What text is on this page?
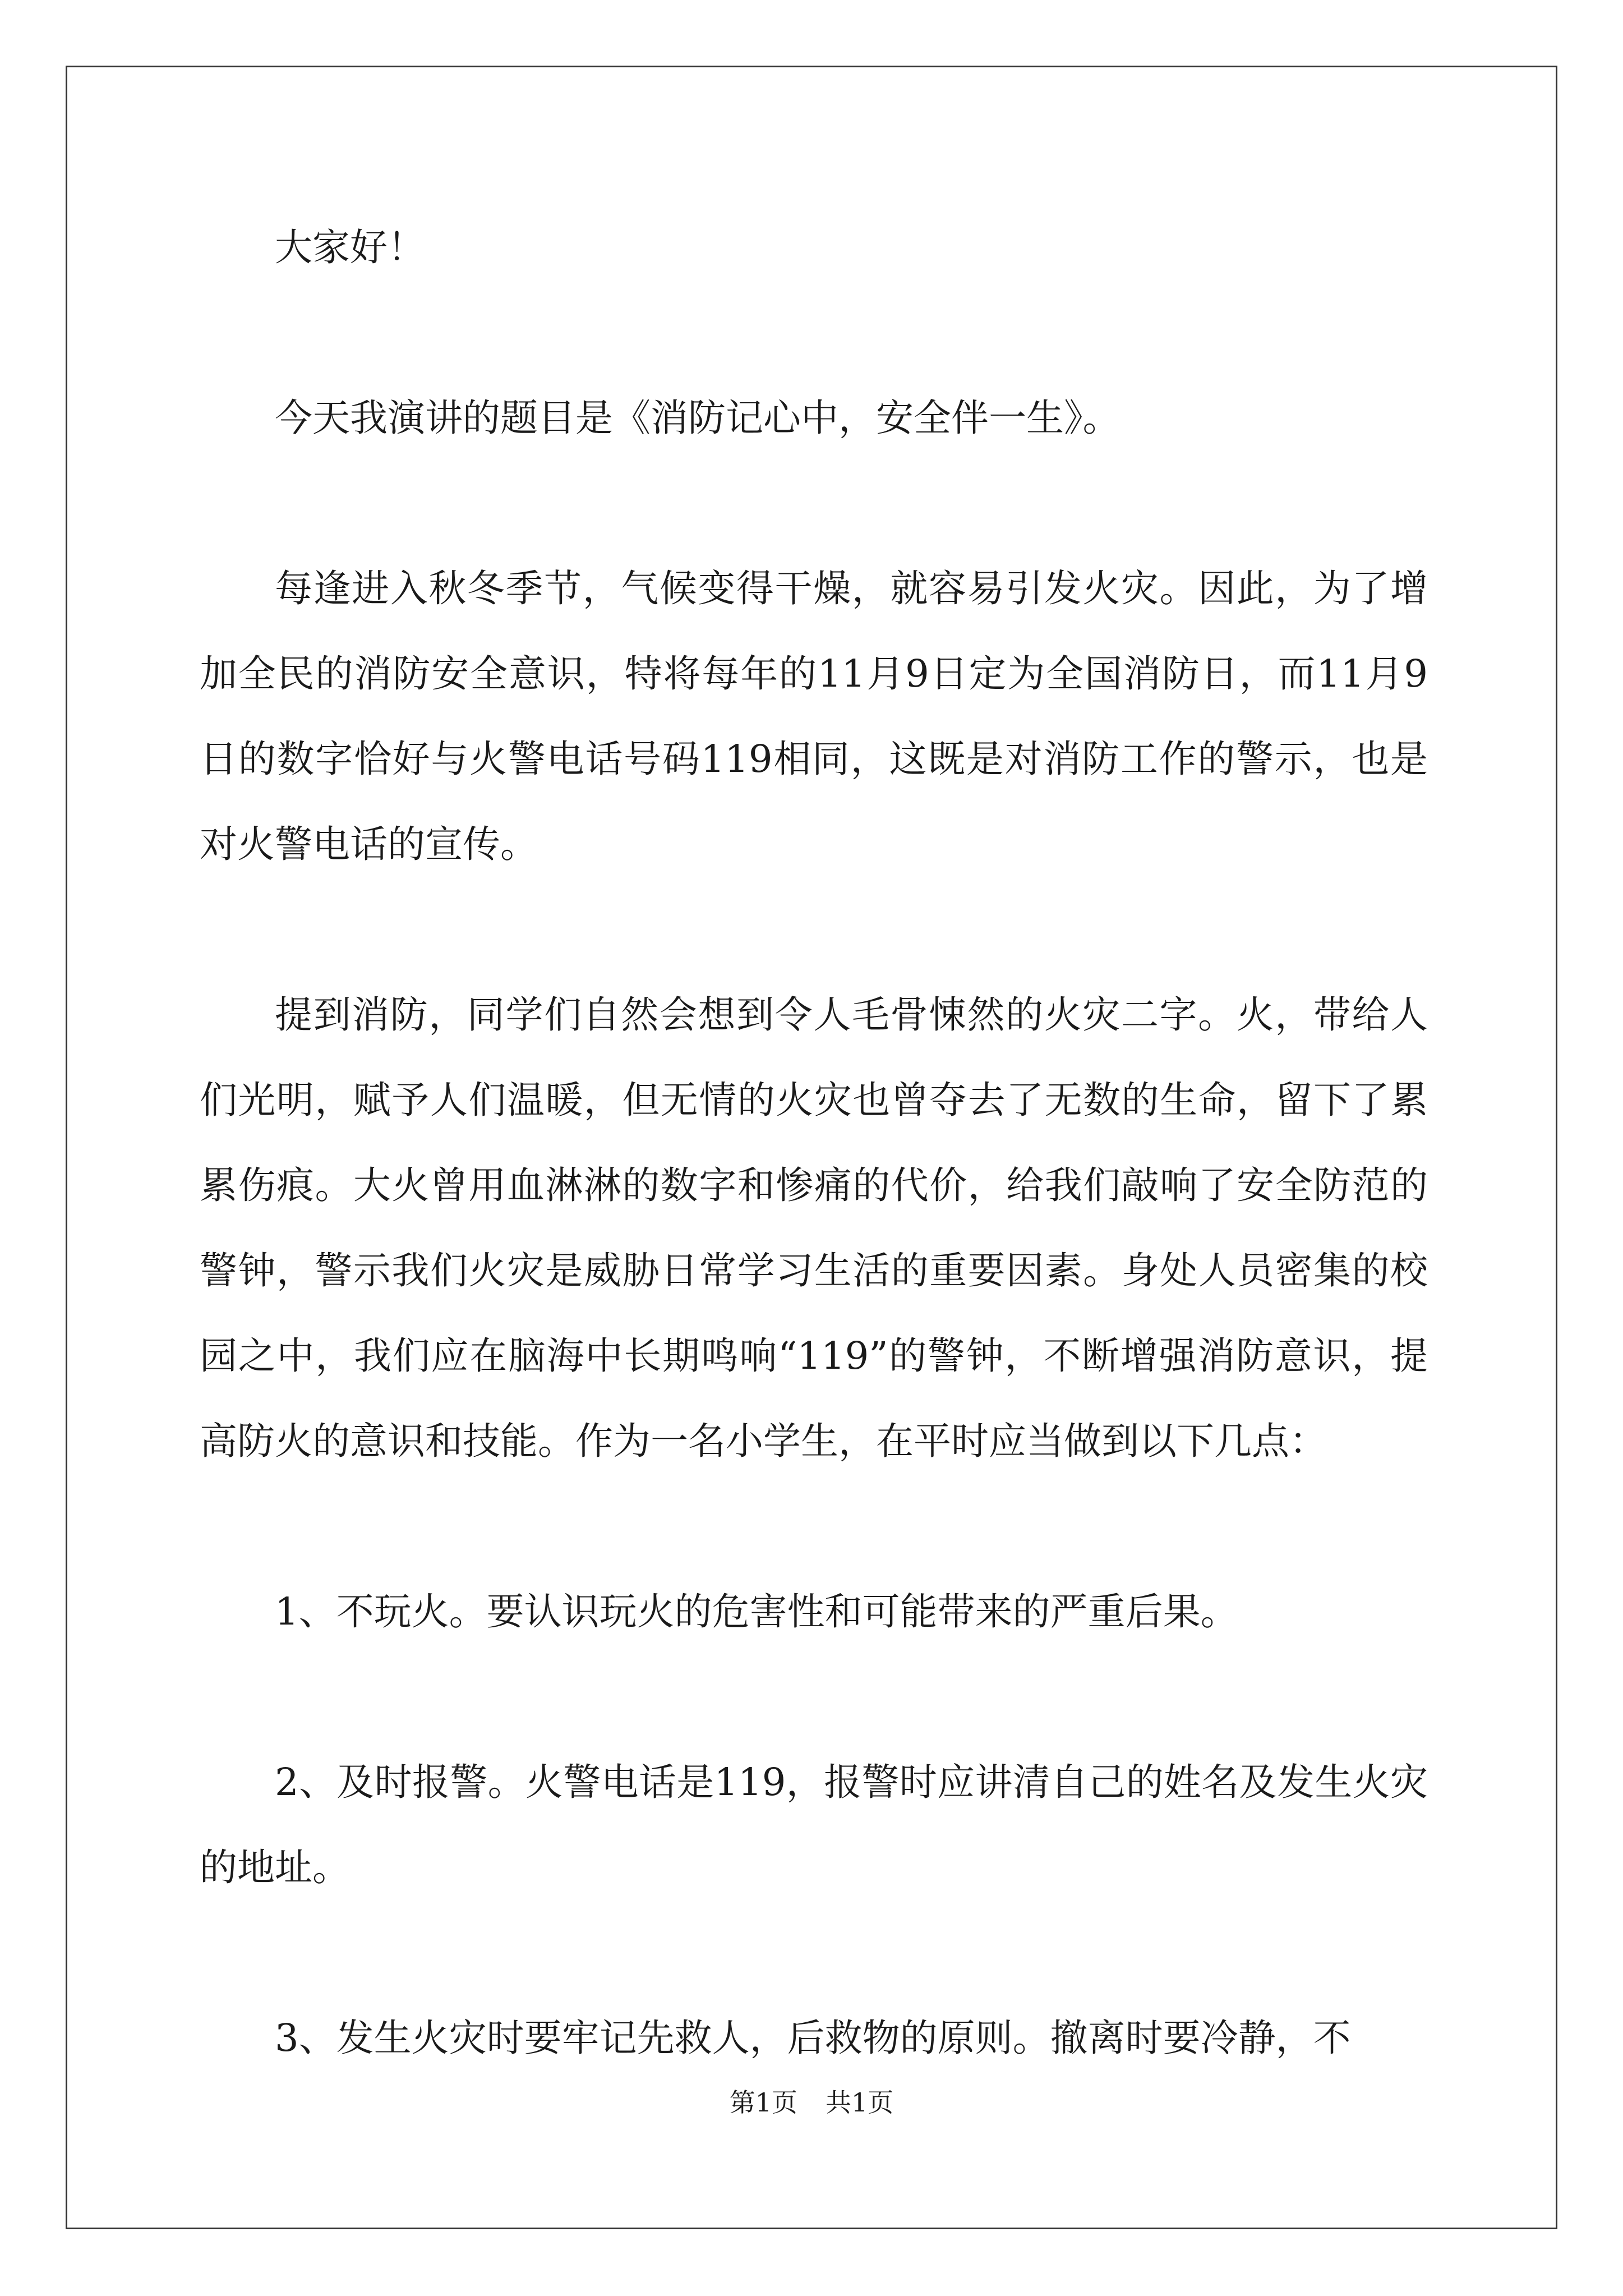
大家好！

今天我演讲的题目是《消防记心中，安全伴一生》。

每逢进入秋冬季节，气候变得干燥，就容易引发火灾。因此，为了增加全民的消防安全意识，特将每年的11月9日定为全国消防日，而11月9日的数字恰好与火警电话号码119相同，这既是对消防工作的警示，也是对火警电话的宣传。

提到消防，同学们自然会想到令人毛骨悚然的火灾二字。火，带给人们光明，赋予人们温暖，但无情的火灾也曾夺去了无数的生命，留下了累累伤痕。大火曾用血淋淋的数字和惨痛的代价，给我们敲响了安全防范的警钟，警示我们火灾是威胁日常学习生活的重要因素。身处人员密集的校园之中，我们应在脑海中长期鸣响“119”的警钟，不断增强消防意识，提高防火的意识和技能。作为一名小学生，在平时应当做到以下几点：

1、不玩火。要认识玩火的危害性和可能带来的严重后果。

2、及时报警。火警电话是119，报警时应讲清自己的姓名及发生火灾的地址。

3、发生火灾时要牢记先救人，后救物的原则。撤离时要冷静，不

第1页 共1页
